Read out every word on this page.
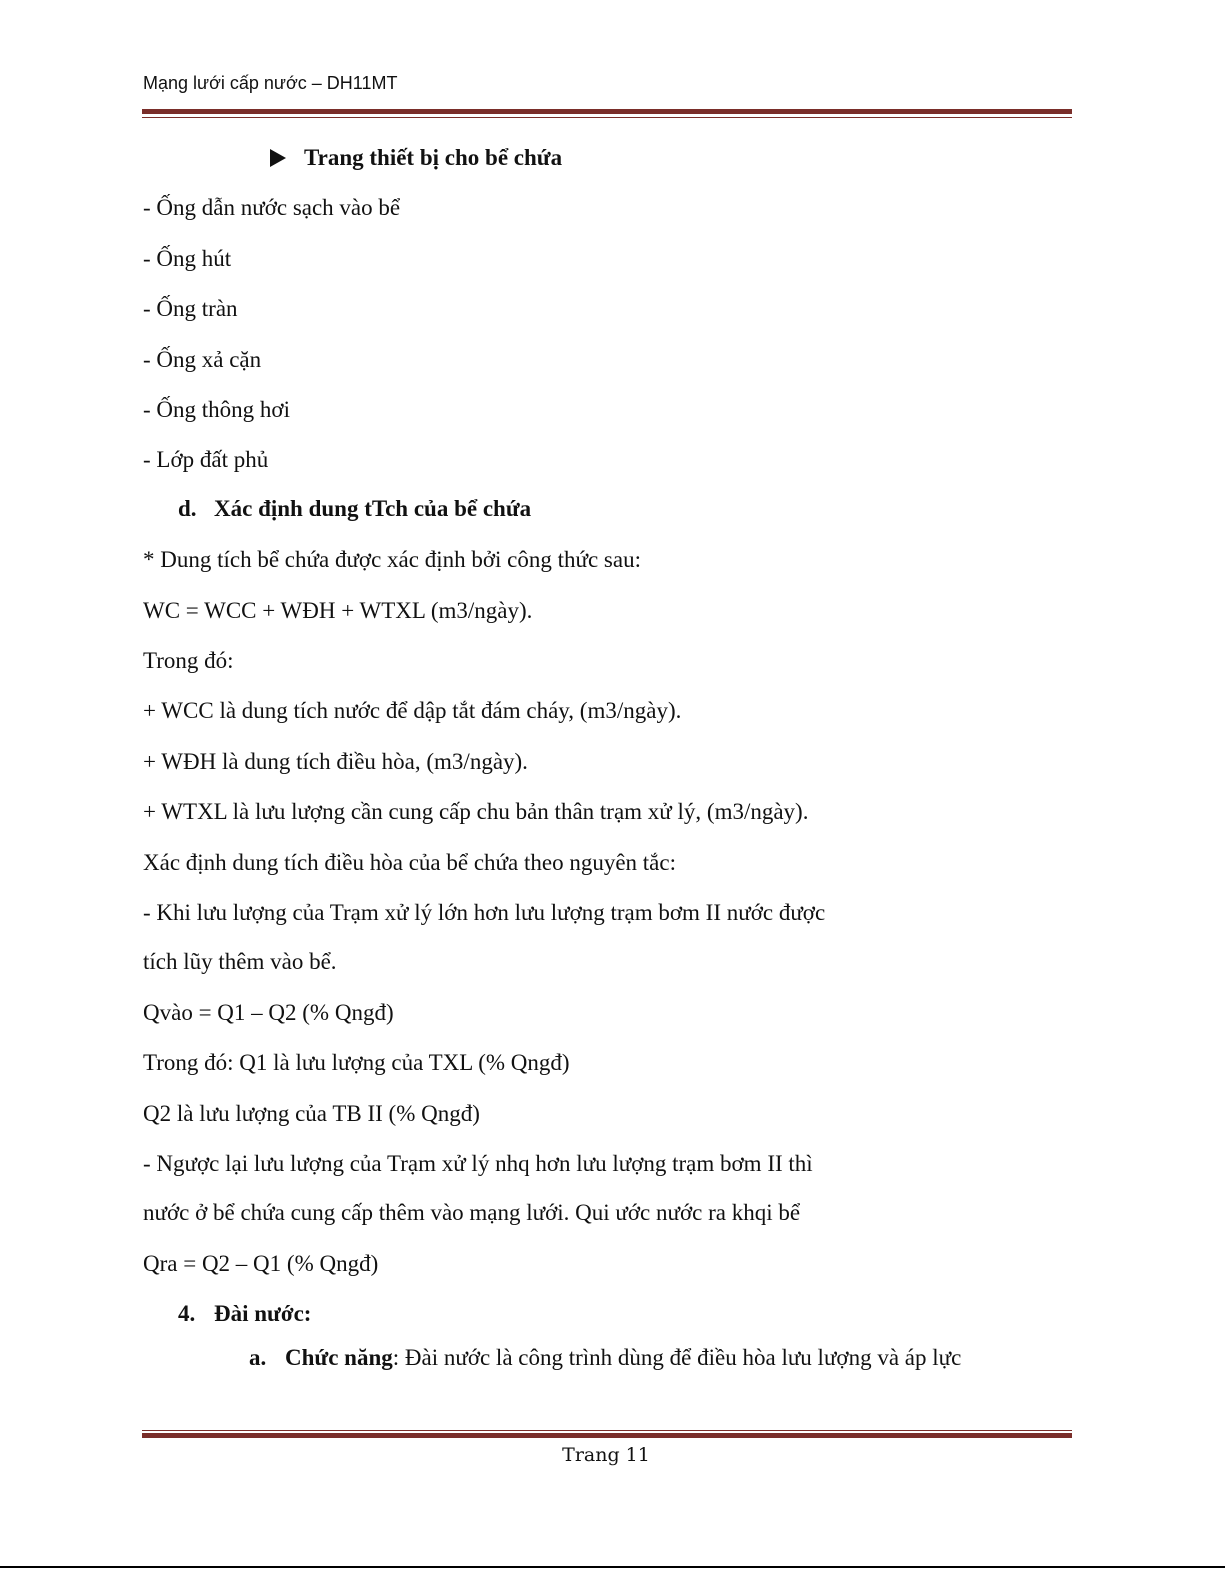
Mạng lưới cấp nước – DH11MT
Trang thiết bị cho bể chứa
- Ống dẫn nước sạch vào bể
- Ống hút
- Ống tràn
- Ống xả cặn
- Ống thông hơi
- Lớp đất phủ
d. Xác định dung tTch của bể chứa
* Dung tích bể chứa được xác định bởi công thức sau:
WC = WCC + WĐH + WTXL (m3/ngày).
Trong đó:
+ WCC là dung tích nước để dập tắt đám cháy, (m3/ngày).
+ WĐH là dung tích điều hòa, (m3/ngày).
+ WTXL là lưu lượng cần cung cấp chu bản thân trạm xử lý, (m3/ngày).
Xác định dung tích điều hòa của bể chứa theo nguyên tắc:
- Khi lưu lượng của Trạm xử lý lớn hơn lưu lượng trạm bơm II nước được
tích lũy thêm vào bể.
Qvào = Q1 – Q2 (% Qngđ)
Trong đó: Q1 là lưu lượng của TXL (% Qngđ)
Q2 là lưu lượng của TB II (% Qngđ)
- Ngược lại lưu lượng của Trạm xử lý nhq hơn lưu lượng trạm bơm II thì
nước ở bể chứa cung cấp thêm vào mạng lưới. Qui ước nước ra khqi bể
Qra = Q2 – Q1 (% Qngđ)
4. Đài nước:
a. Chức năng: Đài nước là công trình dùng để điều hòa lưu lượng và áp lực
Trang 11
